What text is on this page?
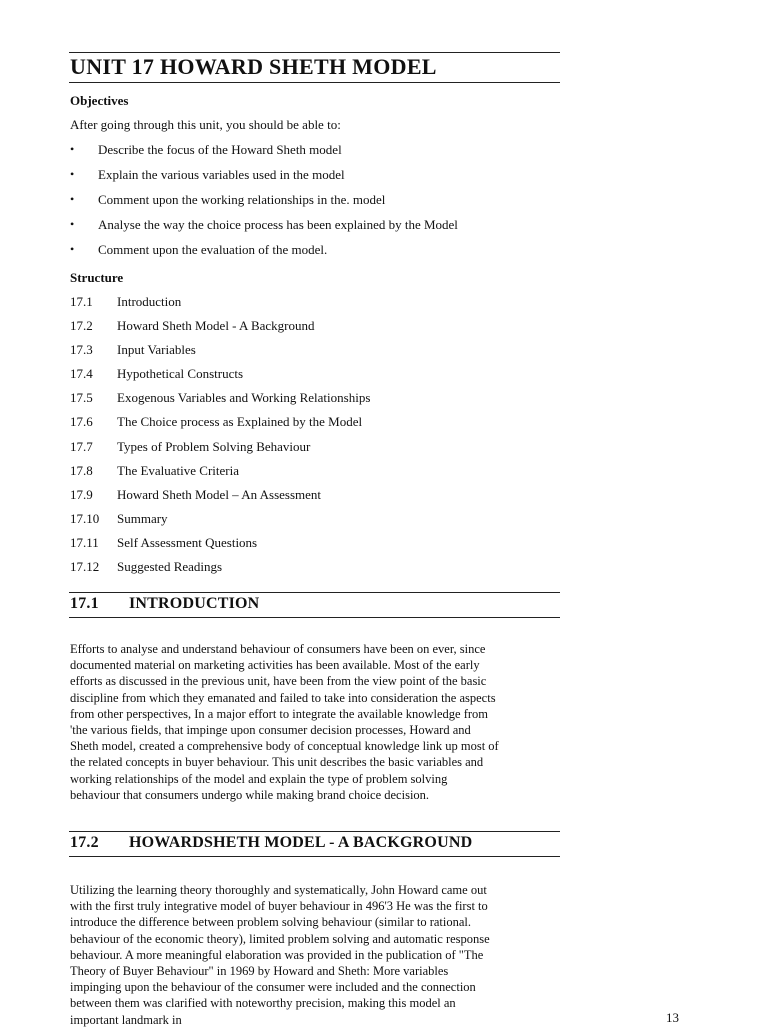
UNIT 17 HOWARD SHETH MODEL
Objectives
After going through this unit, you should be able to:
•	Describe the focus of the Howard Sheth model
•	Explain the various variables used in the model
•	Comment upon the working relationships in the. model
•	Analyse the way the choice process has been explained by the Model
•	Comment upon the evaluation of the model.
Structure
17.1	Introduction
17.2	Howard Sheth Model - A Background
17.3	Input Variables
17.4	Hypothetical Constructs
17.5	Exogenous Variables and Working Relationships
17.6	The Choice process as Explained by the Model
17.7	Types of Problem Solving Behaviour
17.8	The Evaluative Criteria
17.9	Howard Sheth Model – An Assessment
17.10	Summary
17.11	Self Assessment Questions
17.12	Suggested Readings
17.1	INTRODUCTION

Efforts to analyse and understand behaviour of consumers have been on ever, since
documented material on marketing activities has been available. Most of the early
efforts as discussed in the previous unit, have been from the view point of the basic
discipline from which they emanated and failed to take into consideration the aspects
from other perspectives, In a major effort to integrate the available knowledge from
'the various fields, that impinge upon consumer decision processes, Howard and
Sheth model, created a comprehensive body of conceptual knowledge link up most of
the related concepts in buyer behaviour. This unit describes the basic variables and
working relationships of the model and explain the type of problem solving
behaviour that consumers undergo while making brand choice decision.

17.2	HOWARDSHETH MODEL - A BACKGROUND

Utilizing the learning theory thoroughly and systematically, John Howard came out
with the first truly integrative model of buyer behaviour in 496'3 He was the first to
introduce the difference between problem solving behaviour (similar to rational.
behaviour of the economic theory), limited problem solving and automatic response
behaviour. A more meaningful elaboration was provided in the publication of "The
Theory of Buyer Behaviour" in 1969 by Howard and Sheth: More variables
impinging upon the behaviour of the consumer were included and the connection
between them was clarified with noteworthy precision, making this model an
important landmark in	13
